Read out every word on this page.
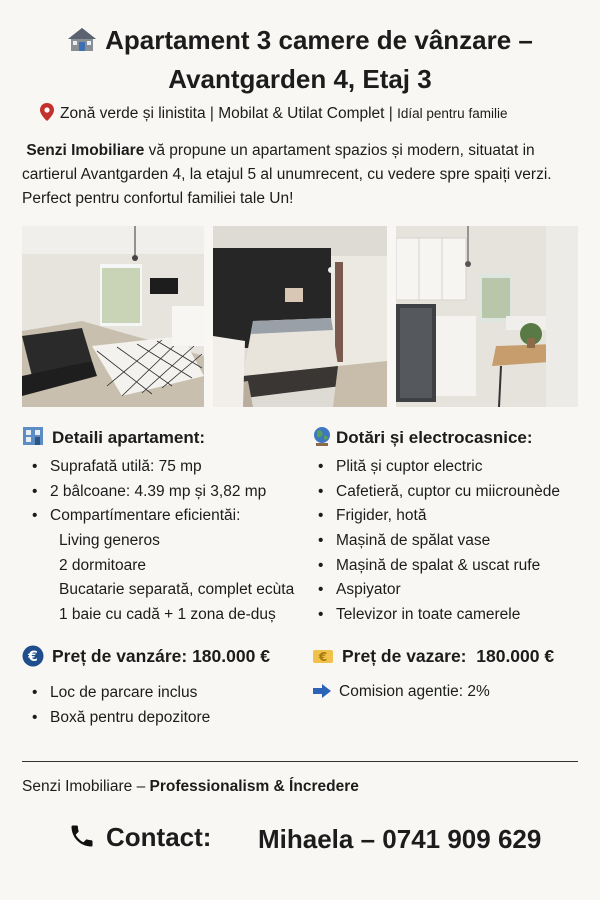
Apartament 3 camere de vânzare –
Avantgarden 4, Etaj 3
Zonă verde și linistita | Mobilat & Utilat Complet | Idíal pentru familie
Senzi Imobiliare vă propune un apartament spazios și modern, situatat in cartierul Avantgarden 4, la etajul 5 al unumrecent, cu vedere spre spaiți verzi. Perfect pentru confortul familiei tale Un!
Detaili apartament:
• Suprafată utilă: 75 mp
• 2 bâlcoane: 4.39 mp și 3,82 mp
• Compartímentare eficientăi:
Living generos
2 dormitoare
Bucatarie separată, complet ecùta
1 baie cu cadă + 1 zona de-duș
Dotări și electrocasnice:
• Plită și cuptor electric
• Cafetieră, cuptor cu miicrounède
• Frigider, hotă
• Mașină de spălat vase
• Mașină de spalat & uscat rufe
• Aspiyator
• Televizor in toate camerele
€ Preț de vanzáre: 180.000 €
• Loc de parcare inclus
• Boxă pentru depozitore
€ Preț de vazare: 180.000 €
Comision agentie: 2%
Senzi Imobiliare – Professionalism & Íncredere
Contact: Mihaela – 0741 909 629
